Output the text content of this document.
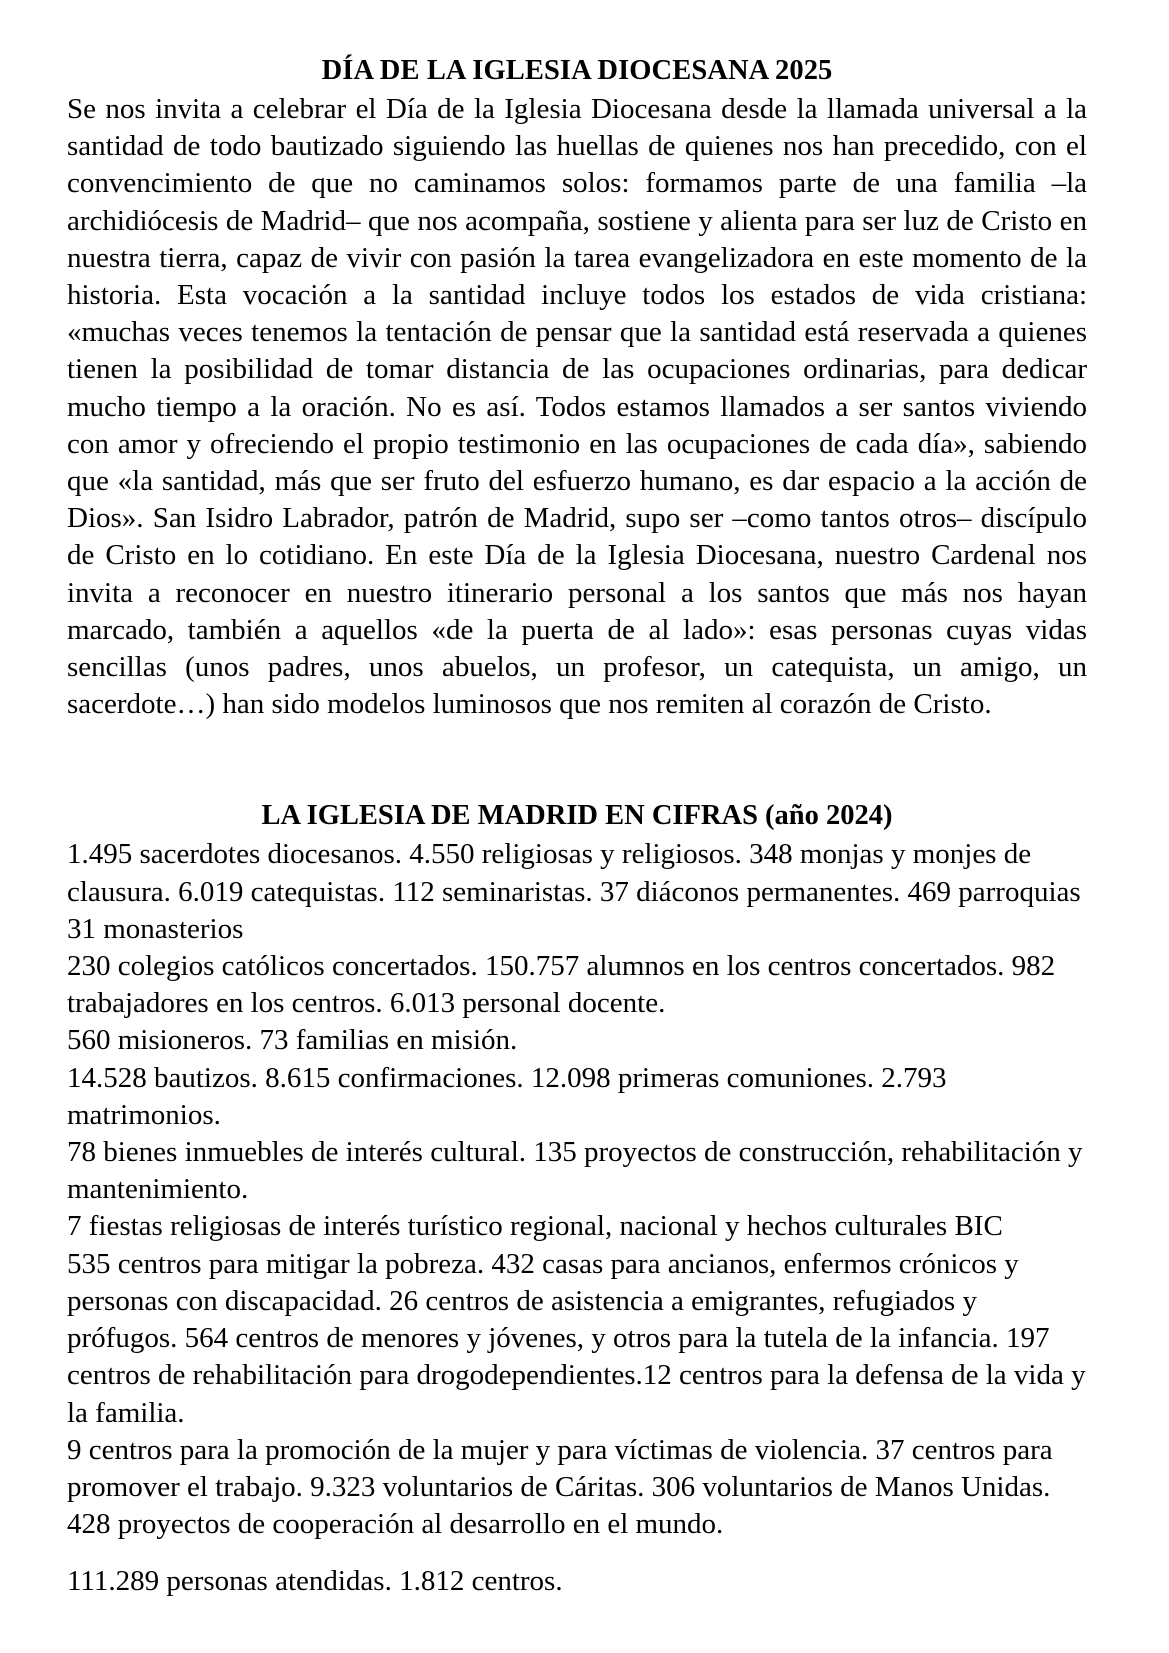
DÍA DE LA IGLESIA DIOCESANA 2025

Se nos invita a celebrar el Día de la Iglesia Diocesana desde la llamada universal a la santidad de todo bautizado siguiendo las huellas de quienes nos han precedido, con el convencimiento de que no caminamos solos: formamos parte de una familia –la archidiócesis de Madrid– que nos acompaña, sostiene y alienta para ser luz de Cristo en nuestra tierra, capaz de vivir con pasión la tarea evangelizadora en este momento de la historia. Esta vocación a la santidad incluye todos los estados de vida cristiana: «muchas veces tenemos la tentación de pensar que la santidad está reservada a quienes tienen la posibilidad de tomar distancia de las ocupaciones ordinarias, para dedicar mucho tiempo a la oración. No es así. Todos estamos llamados a ser santos viviendo con amor y ofreciendo el propio testimonio en las ocupaciones de cada día», sabiendo que «la santidad, más que ser fruto del esfuerzo humano, es dar espacio a la acción de Dios». San Isidro Labrador, patrón de Madrid, supo ser –como tantos otros– discípulo de Cristo en lo cotidiano. En este Día de la Iglesia Diocesana, nuestro Cardenal nos invita a reconocer en nuestro itinerario personal a los santos que más nos hayan marcado, también a aquellos «de la puerta de al lado»: esas personas cuyas vidas sencillas (unos padres, unos abuelos, un profesor, un catequista, un amigo, un sacerdote…) han sido modelos luminosos que nos remiten al corazón de Cristo.

LA IGLESIA DE MADRID EN CIFRAS (año 2024)

1.495 sacerdotes diocesanos. 4.550 religiosas y religiosos. 348 monjas y monjes de clausura. 6.019 catequistas. 112 seminaristas. 37 diáconos permanentes. 469 parroquias 31 monasterios

230 colegios católicos concertados. 150.757 alumnos en los centros concertados. 982 trabajadores en los centros. 6.013 personal docente.

560 misioneros. 73 familias en misión.

14.528 bautizos. 8.615 confirmaciones. 12.098 primeras comuniones. 2.793 matrimonios.

78 bienes inmuebles de interés cultural. 135 proyectos de construcción, rehabilitación y mantenimiento.

7 fiestas religiosas de interés turístico regional, nacional y hechos culturales BIC

535 centros para mitigar la pobreza. 432 casas para ancianos, enfermos crónicos y personas con discapacidad. 26 centros de asistencia a emigrantes, refugiados y prófugos. 564 centros de menores y jóvenes, y otros para la tutela de la infancia. 197 centros de rehabilitación para drogodependientes.12 centros para la defensa de la vida y la familia.

9 centros para la promoción de la mujer y para víctimas de violencia. 37 centros para promover el trabajo. 9.323 voluntarios de Cáritas. 306 voluntarios de Manos Unidas. 428 proyectos de cooperación al desarrollo en el mundo.

111.289 personas atendidas. 1.812 centros.
